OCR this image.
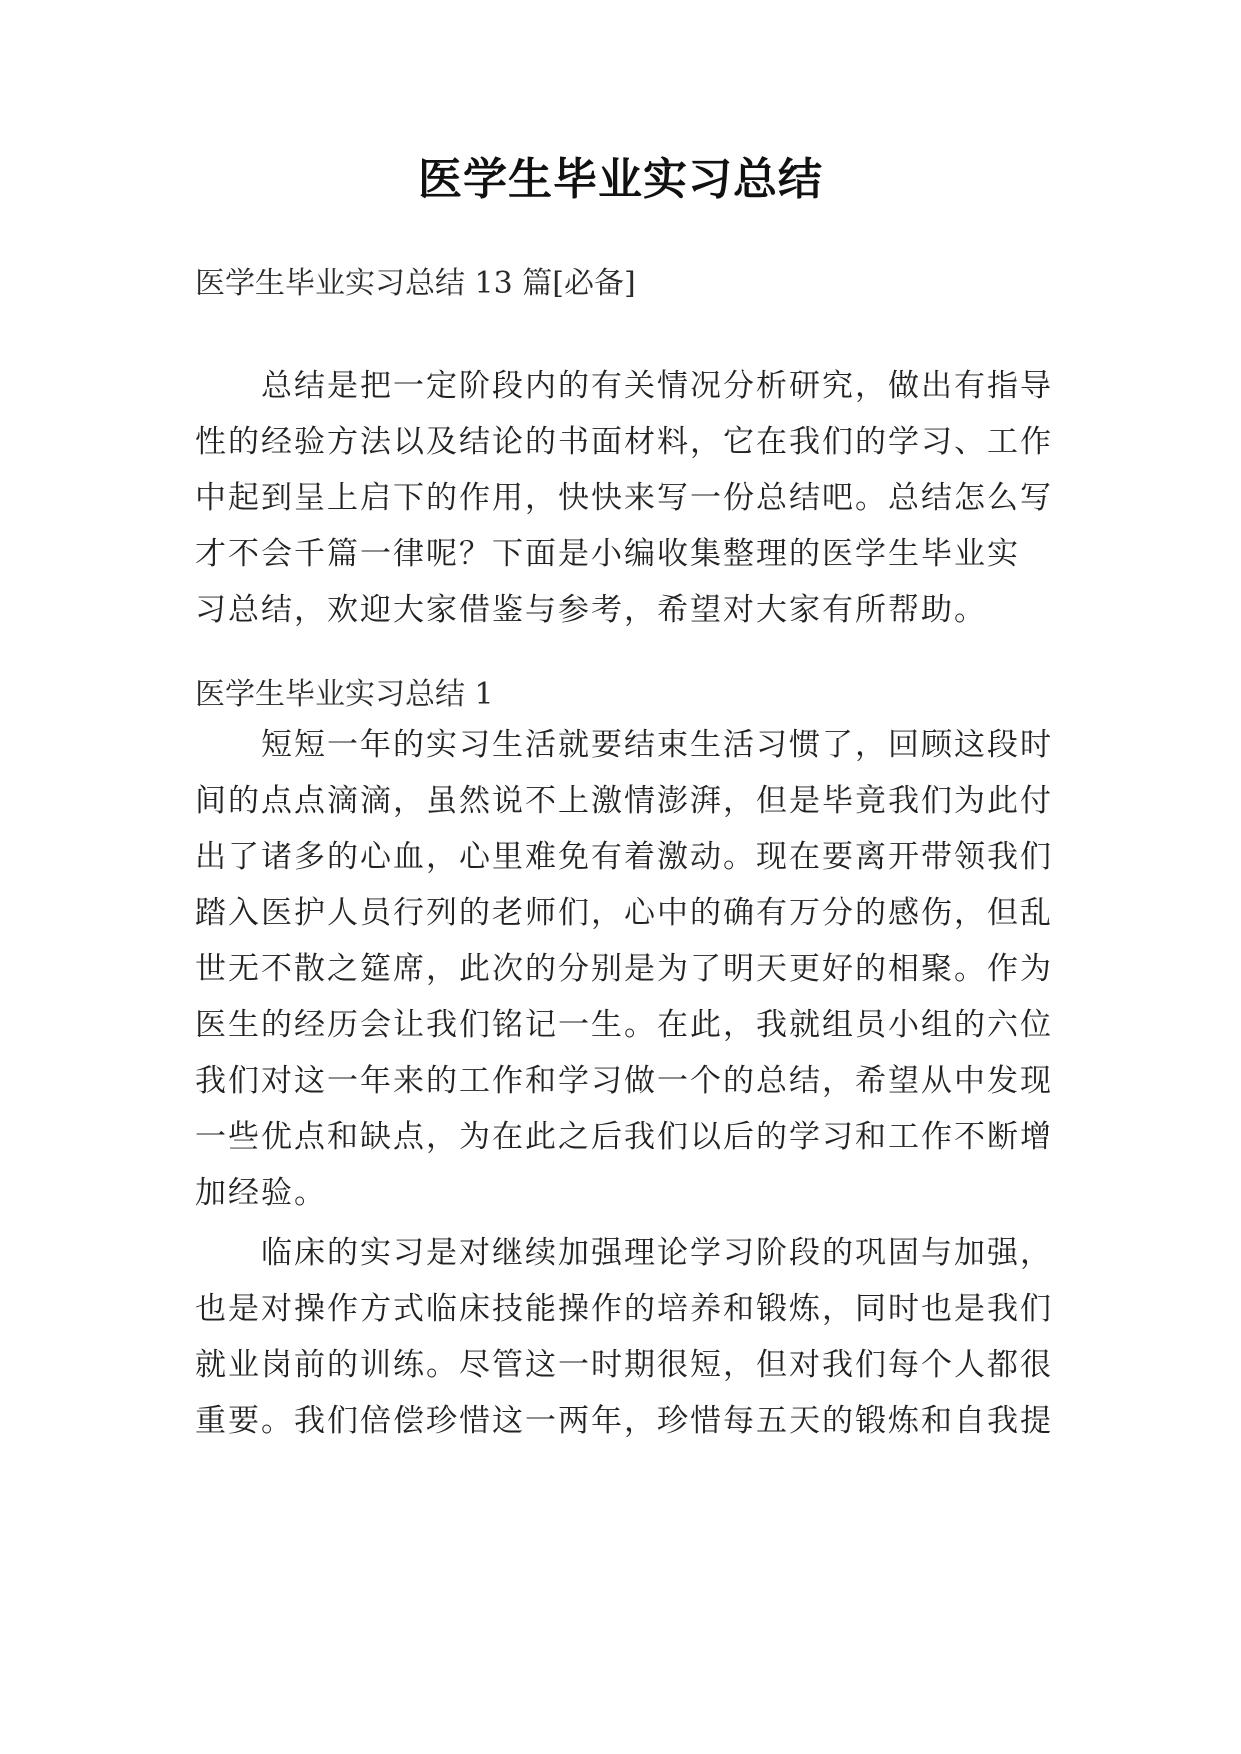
医学生毕业实习总结
医学生毕业实习总结 13 篇[必备]
　　总结是把一定阶段内的有关情况分析研究，做出有指导
性的经验方法以及结论的书面材料，它在我们的学习、工作
中起到呈上启下的作用，快快来写一份总结吧。总结怎么写
才不会千篇一律呢？下面是小编收集整理的医学生毕业实
习总结，欢迎大家借鉴与参考，希望对大家有所帮助。
医学生毕业实习总结 1
　　短短一年的实习生活就要结束生活习惯了，回顾这段时
间的点点滴滴，虽然说不上激情澎湃，但是毕竟我们为此付
出了诸多的心血，心里难免有着激动。现在要离开带领我们
踏入医护人员行列的老师们，心中的确有万分的感伤，但乱
世无不散之筵席，此次的分别是为了明天更好的相聚。作为
医生的经历会让我们铭记一生。在此，我就组员小组的六位
我们对这一年来的工作和学习做一个的总结，希望从中发现
一些优点和缺点，为在此之后我们以后的学习和工作不断增
加经验。
　　临床的实习是对继续加强理论学习阶段的巩固与加强，
也是对操作方式临床技能操作的培养和锻炼，同时也是我们
就业岗前的训练。尽管这一时期很短，但对我们每个人都很
重要。我们倍偿珍惜这一两年，珍惜每五天的锻炼和自我提
